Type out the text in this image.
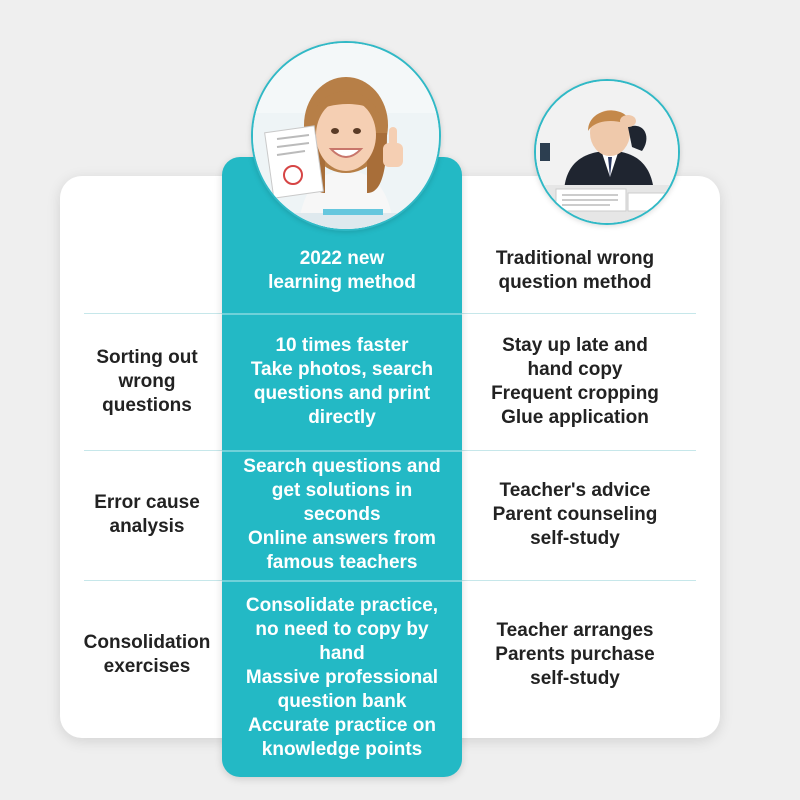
2022 new
learning method
Traditional wrong
question method
Sorting out
wrong
questions
10 times faster
Take photos, search
questions and print
directly
Stay up late and
hand copy
Frequent cropping
Glue application
Error cause
analysis
Search questions and
get solutions in
seconds
Online answers from
famous teachers
Teacher's advice
Parent counseling
self-study
Consolidation
exercises
Consolidate practice,
no need to copy by
hand
Massive professional
question bank
Accurate practice on
knowledge points
Teacher arranges
Parents purchase
self-study
